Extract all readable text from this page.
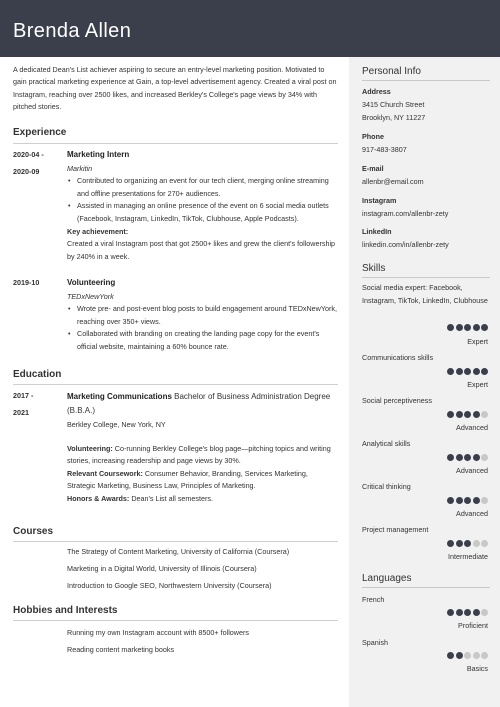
Brenda Allen
A dedicated Dean's List achiever aspiring to secure an entry-level marketing position. Motivated to gain practical marketing experience at Gain, a top-level advertisement agency. Created a viral post on Instagram, reaching over 2500 likes, and increased Berkley's College's page views by 34% with pitched stories.
Experience
2020-04 -
2020-09
Marketing Intern
Markitin
• Contributed to organizing an event for our tech client, merging online streaming and offline presentations for 270+ audiences.
• Assisted in managing an online presence of the event on 6 social media outlets (Facebook, Instagram, LinkedIn, TikTok, Clubhouse, Apple Podcasts).
Key achievement:
Created a viral Instagram post that got 2500+ likes and grew the client's followership by 240% in a week.
2019-10	Volunteering
TEDxNewYork
• Wrote pre- and post-event blog posts to build engagement around TEDxNewYork, reaching over 350+ views.
• Collaborated with branding on creating the landing page copy for the event's official website, maintaining a 60% bounce rate.
Education
2017 -
2021
Marketing Communications Bachelor of Business Administration Degree (B.B.A.)
Berkley College, New York, NY
Volunteering: Co-running Berkley College's blog page—pitching topics and writing stories, increasing readership and page views by 30%.
Relevant Coursework: Consumer Behavior, Branding, Services Marketing, Strategic Marketing, Business Law, Principles of Marketing.
Honors & Awards: Dean's List all semesters.
Courses
The Strategy of Content Marketing, University of California (Coursera)
Marketing in a Digital World, University of Illinois (Coursera)
Introduction to Google SEO, Northwestern University (Coursera)
Hobbies and Interests
Running my own Instagram account with 8500+ followers
Reading content marketing books
Personal Info
Address
3415 Church Street
Brooklyn, NY 11227
Phone
917-483-3807
E-mail
allenbr@email.com
Instagram
instagram.com/allenbr-zety
LinkedIn
linkedin.com/in/allenbr-zety
Skills
Social media expert: Facebook, Instagram, TikTok, LinkedIn, Clubhouse
Expert
Communications skills
Expert
Social perceptiveness
Advanced
Analytical skills
Advanced
Critical thinking
Advanced
Project management
Intermediate
Languages
French
Proficient
Spanish
Basics
